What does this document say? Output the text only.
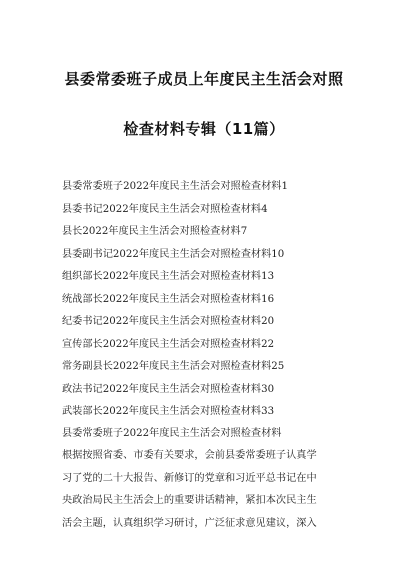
县委常委班子成员上年度民主生活会对照
检查材料专辑（11篇）
县委常委班子2022年度民主生活会对照检查材料1
县委书记2022年度民主生活会对照检查材料4
县长2022年度民主生活会对照检查材料7
县委副书记2022年度民主生活会对照检查材料10
组织部长2022年度民主生活会对照检查材料13
统战部长2022年度民主生活会对照检查材料16
纪委书记2022年度民主生活会对照检查材料20
宣传部长2022年度民主生活会对照检查材料22
常务副县长2022年度民主生活会对照检查材料25
政法书记2022年度民主生活会对照检查材料30
武装部长2022年度民主生活会对照检查材料33
县委常委班子2022年度民主生活会对照检查材料
根据按照省委、市委有关要求，会前县委常委班子认真学
习了党的二十大报告、新修订的党章和习近平总书记在中
央政治局民主生活会上的重要讲话精神，紧扣本次民主生
活会主题，认真组织学习研讨，广泛征求意见建议，深入
